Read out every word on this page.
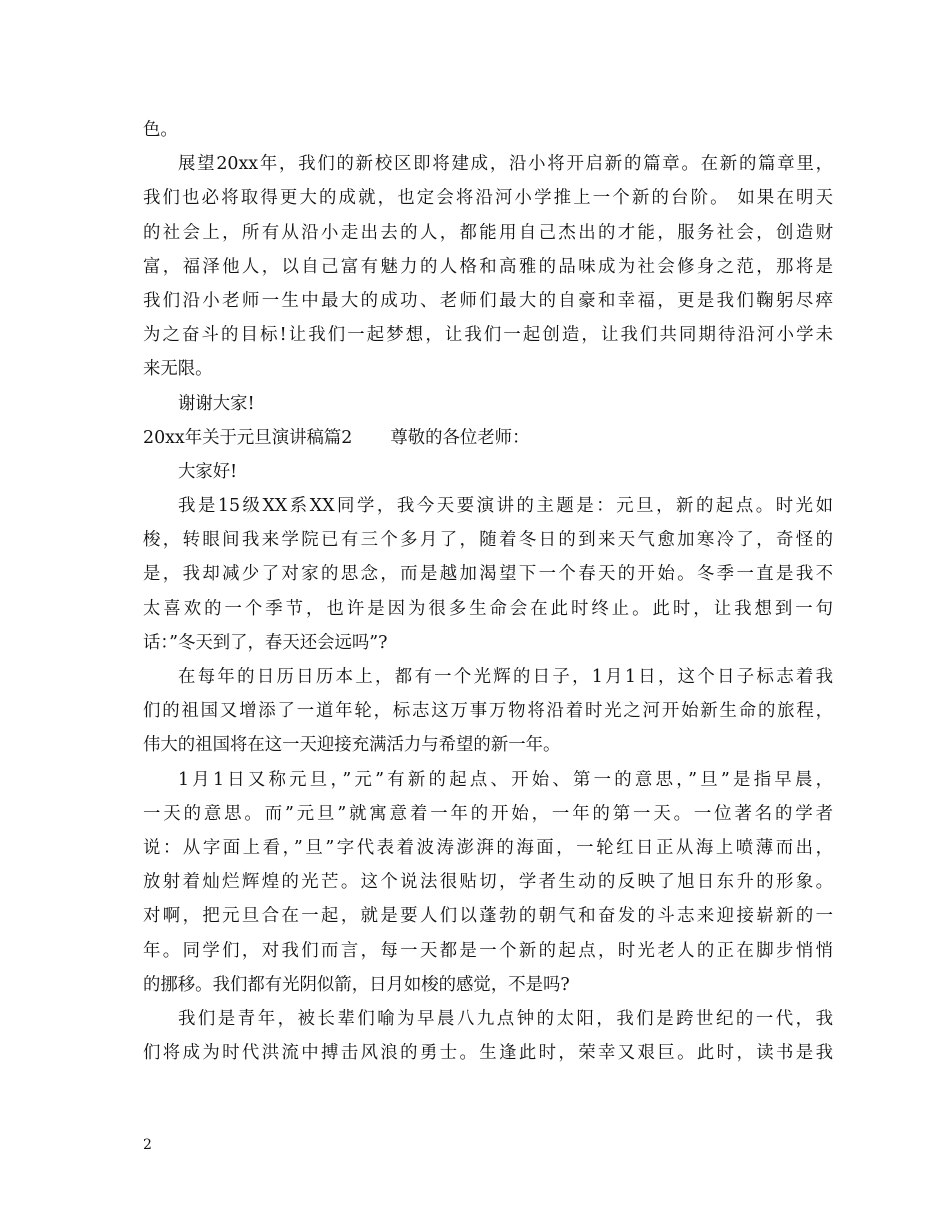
色。
展望20xx年，我们的新校区即将建成，沿小将开启新的篇章。在新的篇章里，
我们也必将取得更大的成就，也定会将沿河小学推上一个新的台阶。 如果在明天
的社会上，所有从沿小走出去的人，都能用自己杰出的才能，服务社会，创造财
富，福泽他人，以自己富有魅力的人格和高雅的品味成为社会修身之范，那将是
我们沿小老师一生中最大的成功、老师们最大的自豪和幸福，更是我们鞠躬尽瘁
为之奋斗的目标!让我们一起梦想，让我们一起创造，让我们共同期待沿河小学未
来无限。
谢谢大家!
20xx年关于元旦演讲稿篇2 尊敬的各位老师：
大家好!
我是15级XX系XX同学，我今天要演讲的主题是：元旦，新的起点。时光如
梭，转眼间我来学院已有三个多月了，随着冬日的到来天气愈加寒冷了，奇怪的
是，我却减少了对家的思念，而是越加渴望下一个春天的开始。冬季一直是我不
太喜欢的一个季节，也许是因为很多生命会在此时终止。此时，让我想到一句
话：”冬天到了，春天还会远吗”?
在每年的日历日历本上，都有一个光辉的日子，1月1日，这个日子标志着我
们的祖国又增添了一道年轮，标志这万事万物将沿着时光之河开始新生命的旅程，
伟大的祖国将在这一天迎接充满活力与希望的新一年。
1月1日又称元旦，”元”有新的起点、开始、第一的意思，”旦”是指早晨，
一天的意思。而”元旦”就寓意着一年的开始，一年的第一天。一位著名的学者
说：从字面上看，”旦”字代表着波涛澎湃的海面，一轮红日正从海上喷薄而出，
放射着灿烂辉煌的光芒。这个说法很贴切，学者生动的反映了旭日东升的形象。
对啊，把元旦合在一起，就是要人们以蓬勃的朝气和奋发的斗志来迎接崭新的一
年。同学们，对我们而言，每一天都是一个新的起点，时光老人的正在脚步悄悄
的挪移。我们都有光阴似箭，日月如梭的感觉，不是吗?
我们是青年，被长辈们喻为早晨八九点钟的太阳，我们是跨世纪的一代，我
们将成为时代洪流中搏击风浪的勇士。生逢此时，荣幸又艰巨。此时，读书是我
2
